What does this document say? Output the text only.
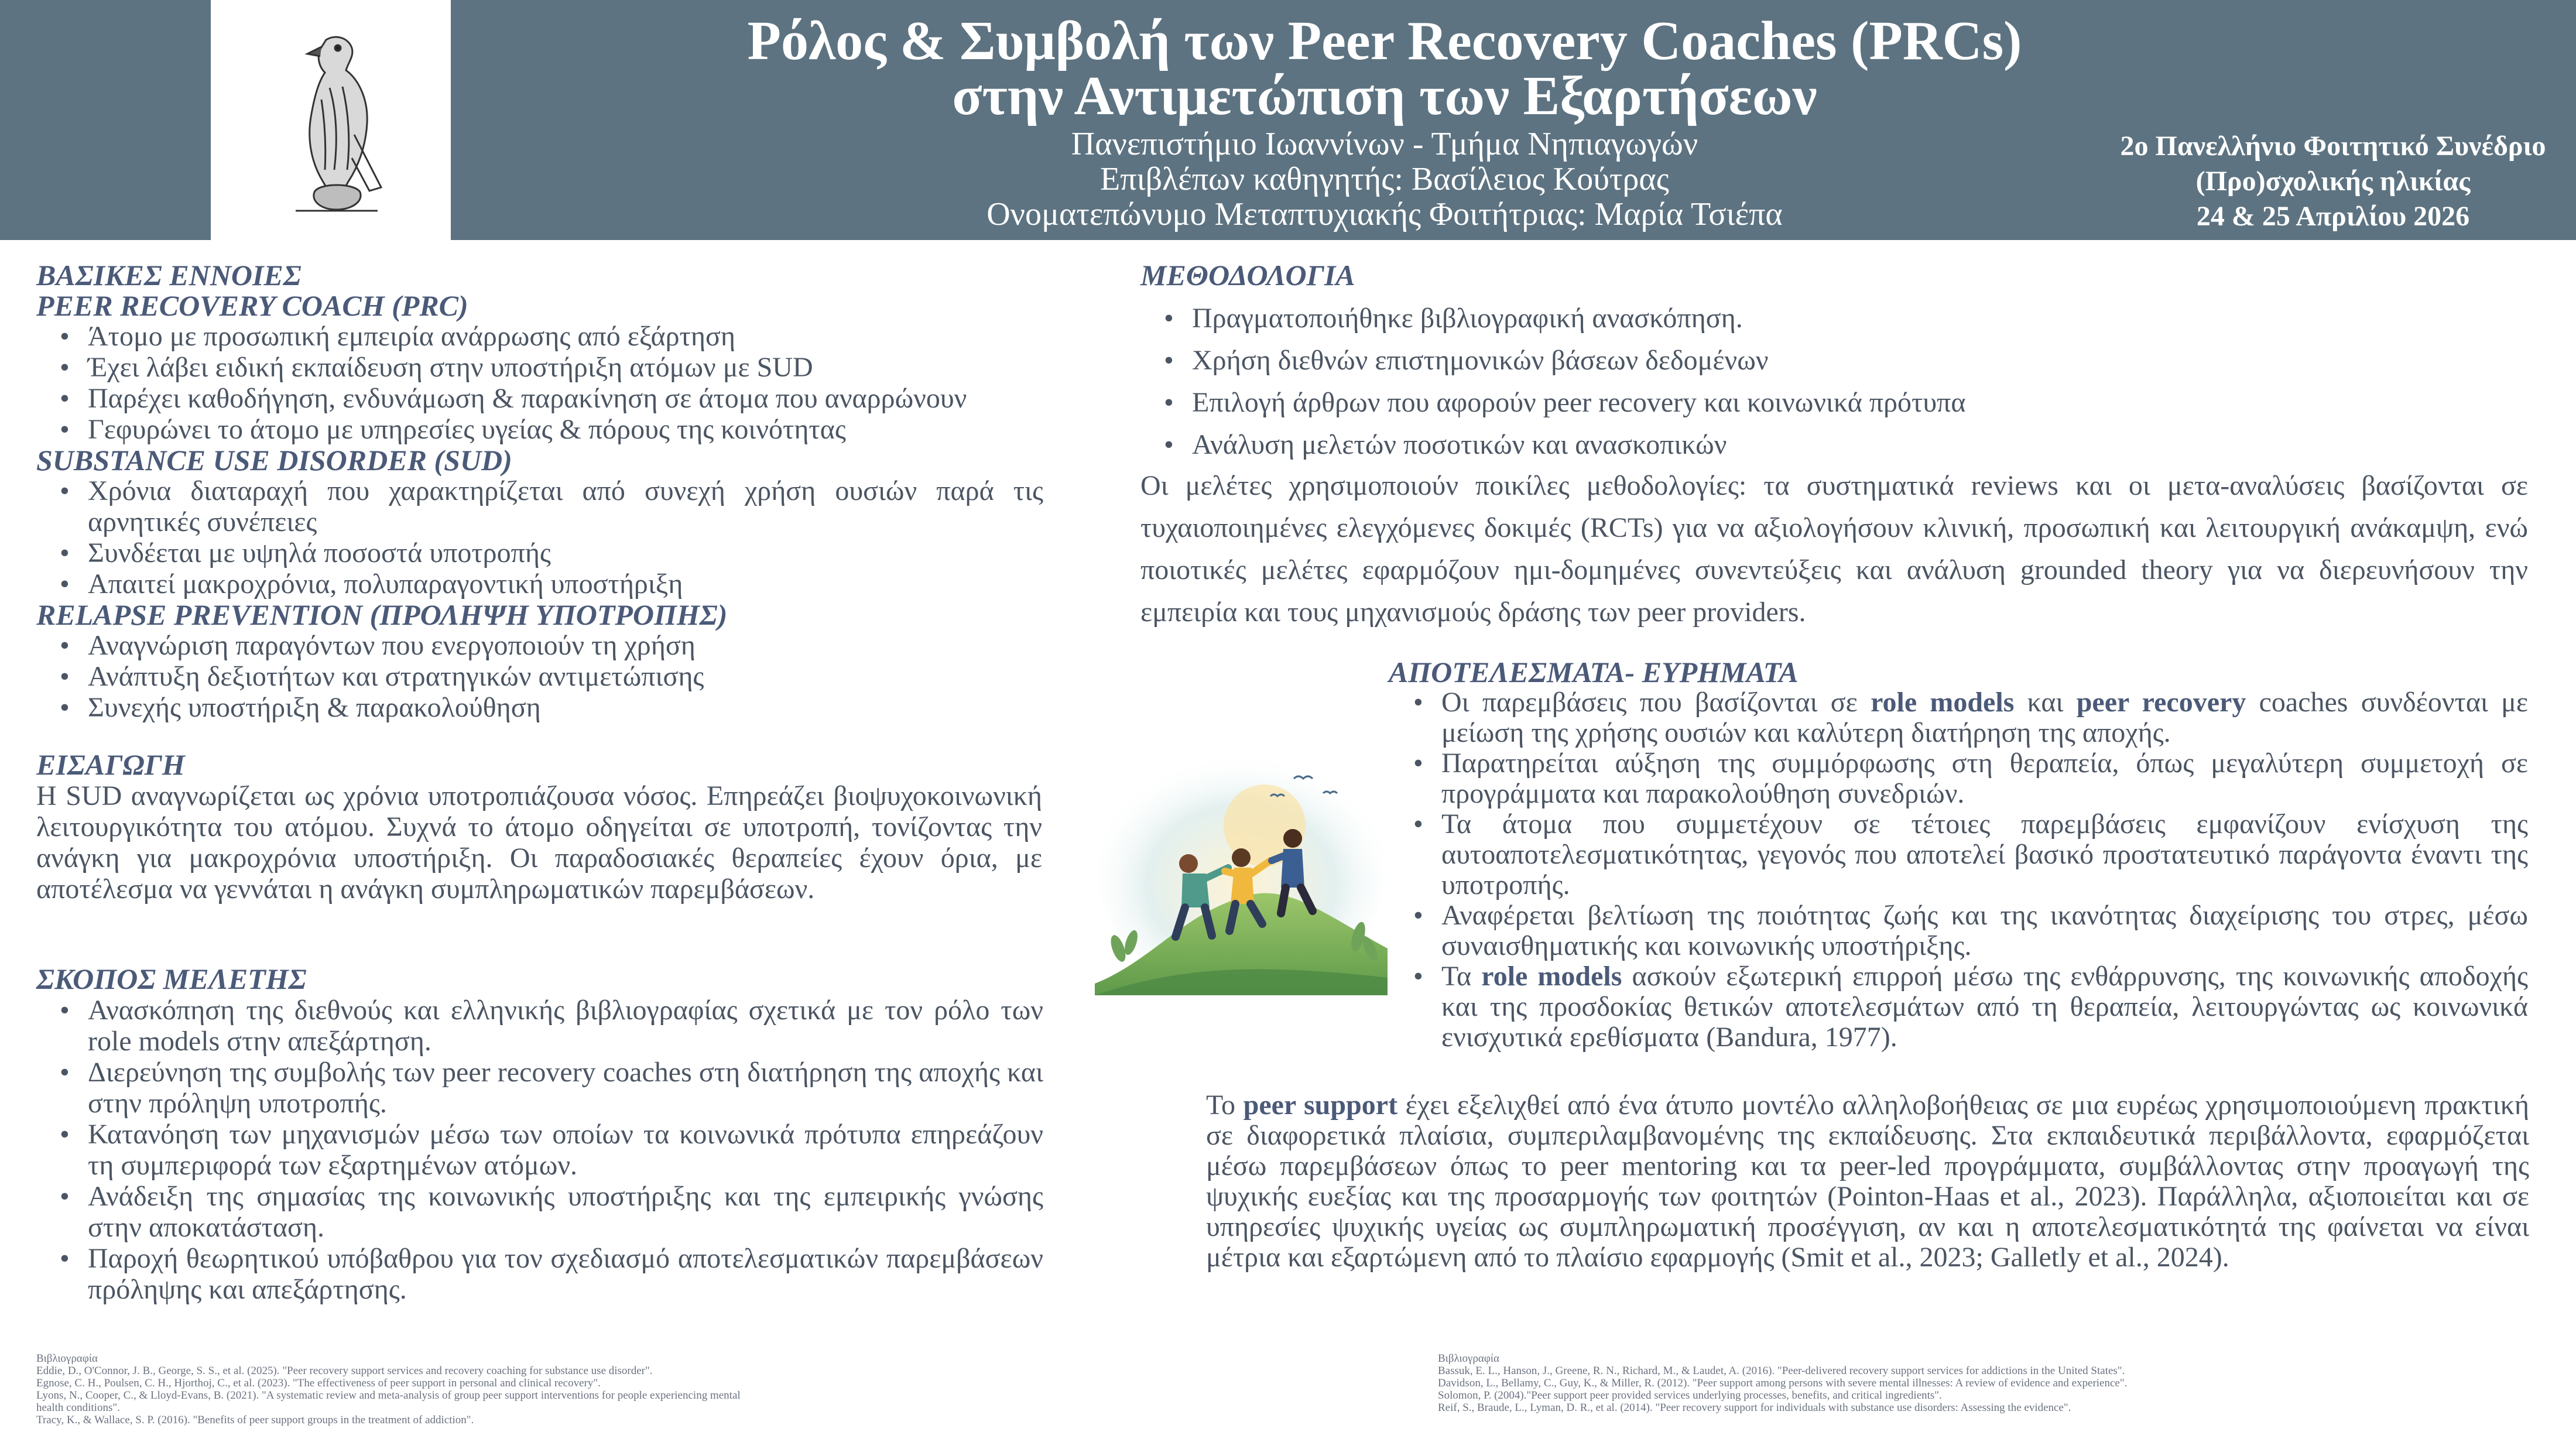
Ρόλος & Συμβολή των Peer Recovery Coaches (PRCs)
στην Αντιμετώπιση των Εξαρτήσεων
Πανεπιστήμιο Ιωαννίνων - Τμήμα Νηπιαγωγών
Επιβλέπων καθηγητής: Βασίλειος Κούτρας
Ονοματεπώνυμο Μεταπτυχιακής Φοιτήτριας: Μαρία Τσιέπα
2ο Πανελλήνιο Φοιτητικό Συνέδριο
(Προ)σχολικής ηλικίας
24 & 25 Απριλίου 2026
ΒΑΣΙΚΕΣ ΕΝΝΟΙΕΣ
PEER RECOVERY COACH (PRC)
• Άτομο με προσωπική εμπειρία ανάρρωσης από εξάρτηση
• Έχει λάβει ειδική εκπαίδευση στην υποστήριξη ατόμων με SUD
• Παρέχει καθοδήγηση, ενδυνάμωση & παρακίνηση σε άτομα που αναρρώνουν
• Γεφυρώνει το άτομο με υπηρεσίες υγείας & πόρους της κοινότητας
SUBSTANCE USE DISORDER (SUD)
• Χρόνια διαταραχή που χαρακτηρίζεται από συνεχή χρήση ουσιών παρά τις αρνητικές συνέπειες
• Συνδέεται με υψηλά ποσοστά υποτροπής
• Απαιτεί μακροχρόνια, πολυπαραγοντική υποστήριξη
RELAPSE PREVENTION (ΠΡΟΛΗΨΗ ΥΠΟΤΡΟΠΗΣ)
• Αναγνώριση παραγόντων που ενεργοποιούν τη χρήση
• Ανάπτυξη δεξιοτήτων και στρατηγικών αντιμετώπισης
• Συνεχής υποστήριξη & παρακολούθηση
ΕΙΣΑΓΩΓΗ
Η SUD αναγνωρίζεται ως χρόνια υποτροπιάζουσα νόσος. Επηρεάζει βιοψυχοκοινωνική λειτουργικότητα του ατόμου. Συχνά το άτομο οδηγείται σε υποτροπή, τονίζοντας την ανάγκη για μακροχρόνια υποστήριξη. Οι παραδοσιακές θεραπείες έχουν όρια, με αποτέλεσμα να γεννάται η ανάγκη συμπληρωματικών παρεμβάσεων.
ΣΚΟΠΟΣ ΜΕΛΕΤΗΣ
• Ανασκόπηση της διεθνούς και ελληνικής βιβλιογραφίας σχετικά με τον ρόλο των role models στην απεξάρτηση.
• Διερεύνηση της συμβολής των peer recovery coaches στη διατήρηση της αποχής και στην πρόληψη υποτροπής.
• Κατανόηση των μηχανισμών μέσω των οποίων τα κοινωνικά πρότυπα επηρεάζουν τη συμπεριφορά των εξαρτημένων ατόμων.
• Ανάδειξη της σημασίας της κοινωνικής υποστήριξης και της εμπειρικής γνώσης στην αποκατάσταση.
• Παροχή θεωρητικού υπόβαθρου για τον σχεδιασμό αποτελεσματικών παρεμβάσεων πρόληψης και απεξάρτησης.
Βιβλιογραφία
Eddie, D., O'Connor, J. B., George, S. S., et al. (2025). "Peer recovery support services and recovery coaching for substance use disorder".
Egnose, C. H., Poulsen, C. H., Hjorthoj, C., et al. (2023). "The effectiveness of peer support in personal and clinical recovery".
Lyons, N., Cooper, C., & Lloyd-Evans, B. (2021). "A systematic review and meta-analysis of group peer support interventions for people experiencing mental
health conditions".
Tracy, K., & Wallace, S. P. (2016). "Benefits of peer support groups in the treatment of addiction".
ΜΕΘΟΔΟΛΟΓΙΑ
• Πραγματοποιήθηκε βιβλιογραφική ανασκόπηση.
• Χρήση διεθνών επιστημονικών βάσεων δεδομένων
• Επιλογή άρθρων που αφορούν peer recovery και κοινωνικά πρότυπα
• Ανάλυση μελετών ποσοτικών και ανασκοπικών
Οι μελέτες χρησιμοποιούν ποικίλες μεθοδολογίες: τα συστηματικά reviews και οι μετα-αναλύσεις βασίζονται σε τυχαιοποιημένες ελεγχόμενες δοκιμές (RCTs) για να αξιολογήσουν κλινική, προσωπική και λειτουργική ανάκαμψη, ενώ ποιοτικές μελέτες εφαρμόζουν ημι-δομημένες συνεντεύξεις και ανάλυση grounded theory για να διερευνήσουν την εμπειρία και τους μηχανισμούς δράσης των peer providers.
ΑΠΟΤΕΛΕΣΜΑΤΑ- ΕΥΡΗΜΑΤΑ
• Οι παρεμβάσεις που βασίζονται σε role models και peer recovery coaches συνδέονται με μείωση της χρήσης ουσιών και καλύτερη διατήρηση της αποχής.
• Παρατηρείται αύξηση της συμμόρφωσης στη θεραπεία, όπως μεγαλύτερη συμμετοχή σε προγράμματα και παρακολούθηση συνεδριών.
• Τα άτομα που συμμετέχουν σε τέτοιες παρεμβάσεις εμφανίζουν ενίσχυση της αυτοαποτελεσματικότητας, γεγονός που αποτελεί βασικό προστατευτικό παράγοντα έναντι της υποτροπής.
• Αναφέρεται βελτίωση της ποιότητας ζωής και της ικανότητας διαχείρισης του στρες, μέσω συναισθηματικής και κοινωνικής υποστήριξης.
• Τα role models ασκούν εξωτερική επιρροή μέσω της ενθάρρυνσης, της κοινωνικής αποδοχής και της προσδοκίας θετικών αποτελεσμάτων από τη θεραπεία, λειτουργώντας ως κοινωνικά ενισχυτικά ερεθίσματα (Bandura, 1977).
Το peer support έχει εξελιχθεί από ένα άτυπο μοντέλο αλληλοβοήθειας σε μια ευρέως χρησιμοποιούμενη πρακτική σε διαφορετικά πλαίσια, συμπεριλαμβανομένης της εκπαίδευσης. Στα εκπαιδευτικά περιβάλλοντα, εφαρμόζεται μέσω παρεμβάσεων όπως το peer mentoring και τα peer-led προγράμματα, συμβάλλοντας στην προαγωγή της ψυχικής ευεξίας και της προσαρμογής των φοιτητών (Pointon-Haas et al., 2023). Παράλληλα, αξιοποιείται και σε υπηρεσίες ψυχικής υγείας ως συμπληρωματική προσέγγιση, αν και η αποτελεσματικότητά της φαίνεται να είναι μέτρια και εξαρτώμενη από το πλαίσιο εφαρμογής (Smit et al., 2023; Galletly et al., 2024).
Βιβλιογραφία
Bassuk, E. L., Hanson, J., Greene, R. N., Richard, M., & Laudet, A. (2016). "Peer-delivered recovery support services for addictions in the United States".
Davidson, L., Bellamy, C., Guy, K., & Miller, R. (2012). "Peer support among persons with severe mental illnesses: A review of evidence and experience".
Solomon, P. (2004)."Peer support peer provided services underlying processes, benefits, and critical ingredients".
Reif, S., Braude, L., Lyman, D. R., et al. (2014). "Peer recovery support for individuals with substance use disorders: Assessing the evidence".
